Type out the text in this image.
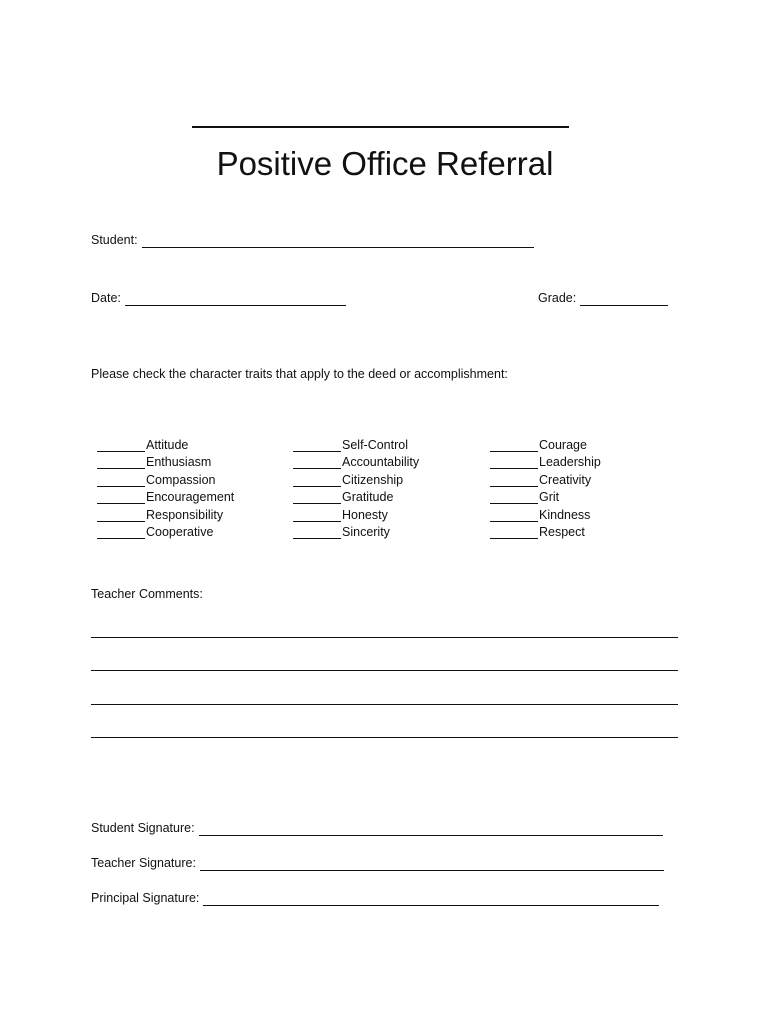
Positive Office Referral
Student:
Date:	Grade:
Please check the character traits that apply to the deed or accomplishment:
Attitude
Enthusiasm
Compassion
Encouragement
Responsibility
Cooperative
Self-Control
Accountability
Citizenship
Gratitude
Honesty
Sincerity
Courage
Leadership
Creativity
Grit
Kindness
Respect
Teacher Comments:
Student Signature:
Teacher Signature:
Principal Signature:
